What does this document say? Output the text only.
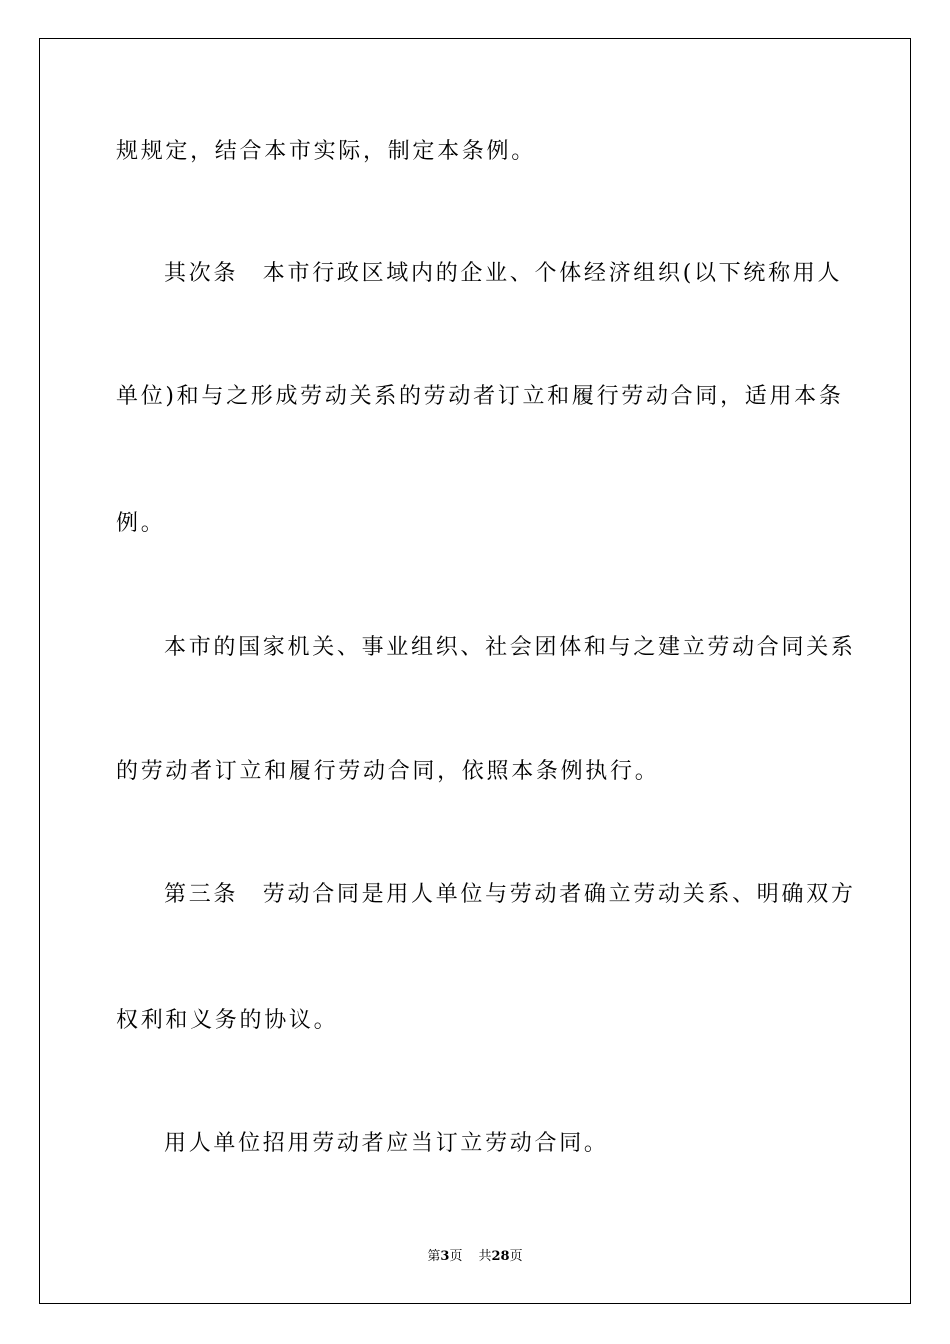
规规定，结合本市实际，制定本条例。
其次条　本市行政区域内的企业、个体经济组织(以下统称用人
单位)和与之形成劳动关系的劳动者订立和履行劳动合同，适用本条
例。
本市的国家机关、事业组织、社会团体和与之建立劳动合同关系
的劳动者订立和履行劳动合同，依照本条例执行。
第三条　劳动合同是用人单位与劳动者确立劳动关系、明确双方
权利和义务的协议。
用人单位招用劳动者应当订立劳动合同。
第3页 共28页
